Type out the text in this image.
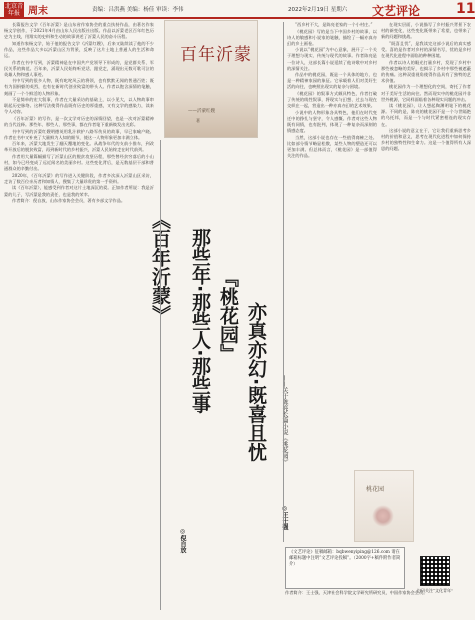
北京青年报 周末	责编：吕洪燕 美编：杨佳 审读：李伟	2022年2月19日 星期六 文艺评论	11

长篇报告文学《百年沂蒙》是山东省作家协会的重点扶持作品，由著名作家杨文学创作，于2021年4月由山东人民出版社出版。作品以沂蒙老区百年红色历史为主线，用翔实的史料和生动的故事讲述了沂蒙人民的奋斗历程。

知道作家杨文学，始于他的报告文学《沂蒙红嫂》，后来又陆续读了他的不少作品，这些作品大多以沂蒙山区为背景，反映了这片土地上普通人的生活和命运。

作者在书中写到，沂蒙精神是在中国共产党领导下形成的，是党群关系、军民关系的典范。百年来，沂蒙人民始终听党话、跟党走，涌现出无数可歌可泣的英雄人物和感人事迹。

书中写到的很多人物，既有叱咤风云的将领，也有默默无闻的普通百姓；既有为国捐躯的英烈，也有在新时代创业致富的带头人。作者以饱含深情的笔触，刻画了一个个鲜活的人物形象。

不是简单的宏大叙事，作者在大量采访的基础上，以小见大，以人物故事串联起历史脉络。这种写法使得作品既有历史的厚重感，又有文学的感染力，读来令人动容。

《百年沂蒙》的写作，是一次文学对历史的深情回望，也是一次对沂蒙精神的当代诠释。那些年、那些人、那些事，都在作者笔下重新焕发出光彩。

书中写到的沂蒙红嫂明德英用乳汁救护八路军伤员的故事，早已家喻户晓。作者在书中又补充了大量鲜为人知的细节，使这一人物形象更加丰满立体。

百年来，沂蒙大地发生了翻天覆地的变化。从战争年代的支前小推车，到改革开放后的脱贫致富，再到新时代的乡村振兴，沂蒙人民始终走在时代前列。

作者用大量篇幅描写了沂蒙山区的脱贫攻坚历程，那些曾经贫穷落后的小山村，如今已经变成了远近闻名的美丽乡村。这些变化背后，是无数基层干部和普通群众的辛勤付出。

2020年，《百年沂蒙》的写作进入关键阶段，作者多次深入沂蒙山区采访，走访了数百位亲历者和知情人，搜集了大量珍贵的第一手资料。

读《百年沂蒙》，能感受到作者对这片土地深沉的爱。正如作者所说：我是沂蒙的儿子，写沂蒙是我的责任，也是我的荣幸。

作者简介：倪自放，山东作家协会会员，著有多部文学作品。

百年沂蒙
——沂蒙红嫂
著
《百年沂蒙》 那些年·那些人·那些事
◎倪自放
『桃花园』 亦真亦幻·既喜且忧 ——关于陈亮长篇小说《桃花园》
◎王士强

“西乡村不大，是陈亮老家的一个小村庄。”

《桃花园》写的是当下中国乡村的故事，以诗人的敏感和小说家的笔触，描绘了一幅亦真亦幻的乡土画卷。

小说以“桃花园”为中心意象，展开了一个关于理想与现实、传统与现代的故事。作者陈亮是一位诗人，这部长篇小说延续了他诗歌中对乡村的深情关注。

作品中的桃花园，既是一个具体的地方，也是一种精神家园的象征。它承载着人们对美好生活的向往，也映照出现实的复杂与困境。

《桃花园》的叙事方式颇具特色，作者打破了传统的线性叙事，将现实与幻想、过去与现在交织在一起，营造出一种亦真亦幻的艺术效果。

小说中的人物形象各具特色，他们在时代变迁中的挣扎与坚守，令人感慨。作者对这些人物既有同情，也有批判，体现了一种复杂而深刻的情感态度。

当然，这部小说也存在一些值得商榷之处。比如部分情节略显松散，某些人物的塑造还可以更加丰满。但总体而言，《桃花园》是一部值得关注的作品。

在现实层面，小说描写了乡村振兴背景下农村的新变化，这些变化既带来了希望，也带来了新的问题和挑战。

“既喜且忧”，是我读完这部小说后的真实感受。喜的是作者对乡村的深情书写，忧的是乡村在现代化进程中面临的种种困境。

作者以诗人的眼光打量乡村，发现了乡村中那些被忽略的美好，也揭示了乡村中那些被遮蔽的伤痛。这种双重视角使得作品具有了独特的艺术价值。

桃花园作为一个理想化的空间，寄托了作者对于美好生活的向往。然而现实中的桃花园并非世外桃源，它同样面临着各种现实问题的冲击。

读《桃花园》，让人想起陶渊明笔下的桃花源。不同的是，陈亮的桃花园不是一个与世隔绝的乌托邦，而是一个与时代紧密相连的现实存在。

这部小说的意义在于，它让我们重新思考乡村的价值和意义，思考在现代化进程中如何保持乡村的独特性和生命力。这是一个值得所有人深思的问题。

桃花园
《文艺评论》征稿邮箱：bqbwenyiping@126.com 请在邮箱标题中注明“文艺评论投稿”。（2000字+稿件附作者简介）
扫码关注“文化青年”
作者简介：王士强，天津社会科学院文学研究所研究员，中国作家协会会员。
